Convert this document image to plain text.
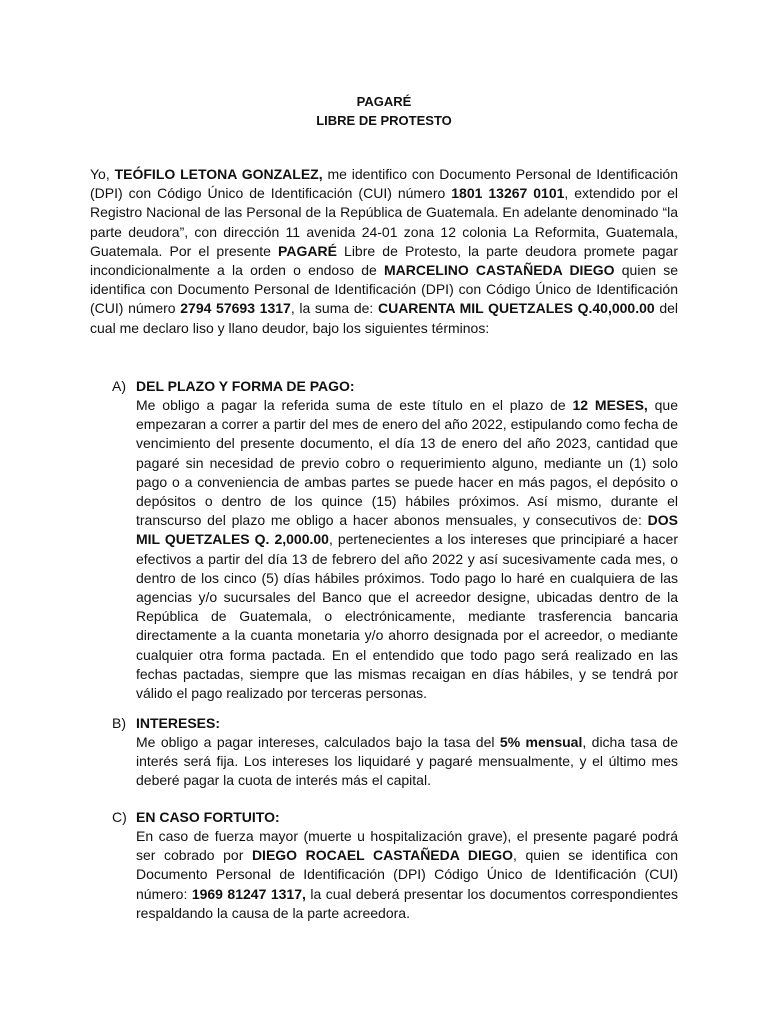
PAGARÉ
LIBRE DE PROTESTO

Yo, TEÓFILO LETONA GONZALEZ, me identifico con Documento Personal de Identificación (DPI) con Código Único de Identificación (CUI) número 1801 13267 0101, extendido por el Registro Nacional de las Personal de la República de Guatemala. En adelante denominado “la parte deudora”, con dirección 11 avenida 24-01 zona 12 colonia La Reformita, Guatemala, Guatemala. Por el presente PAGARÉ Libre de Protesto, la parte deudora promete pagar incondicionalmente a la orden o endoso de MARCELINO CASTAÑEDA DIEGO quien se identifica con Documento Personal de Identificación (DPI) con Código Único de Identificación (CUI) número 2794 57693 1317, la suma de: CUARENTA MIL QUETZALES Q.40,000.00 del cual me declaro liso y llano deudor, bajo los siguientes términos:

A) DEL PLAZO Y FORMA DE PAGO:

Me obligo a pagar la referida suma de este título en el plazo de 12 MESES, que empezaran a correr a partir del mes de enero del año 2022, estipulando como fecha de vencimiento del presente documento, el día 13 de enero del año 2023, cantidad que pagaré sin necesidad de previo cobro o requerimiento alguno, mediante un (1) solo pago o a conveniencia de ambas partes se puede hacer en más pagos, el depósito o depósitos o dentro de los quince (15) hábiles próximos. Así mismo, durante el transcurso del plazo me obligo a hacer abonos mensuales, y consecutivos de: DOS MIL QUETZALES Q. 2,000.00, pertenecientes a los intereses que principiaré a hacer efectivos a partir del día 13 de febrero del año 2022 y así sucesivamente cada mes, o dentro de los cinco (5) días hábiles próximos. Todo pago lo haré en cualquiera de las agencias y/o sucursales del Banco que el acreedor designe, ubicadas dentro de la República de Guatemala, o electrónicamente, mediante trasferencia bancaria directamente a la cuanta monetaria y/o ahorro designada por el acreedor, o mediante cualquier otra forma pactada. En el entendido que todo pago será realizado en las fechas pactadas, siempre que las mismas recaigan en días hábiles, y se tendrá por válido el pago realizado por terceras personas.

B) INTERESES:

Me obligo a pagar intereses, calculados bajo la tasa del 5% mensual, dicha tasa de interés será fija. Los intereses los liquidaré y pagaré mensualmente, y el último mes deberé pagar la cuota de interés más el capital.

C) EN CASO FORTUITO:

En caso de fuerza mayor (muerte u hospitalización grave), el presente pagaré podrá ser cobrado por DIEGO ROCAEL CASTAÑEDA DIEGO, quien se identifica con Documento Personal de Identificación (DPI) Código Único de Identificación (CUI) número: 1969 81247 1317, la cual deberá presentar los documentos correspondientes respaldando la causa de la parte acreedora.
